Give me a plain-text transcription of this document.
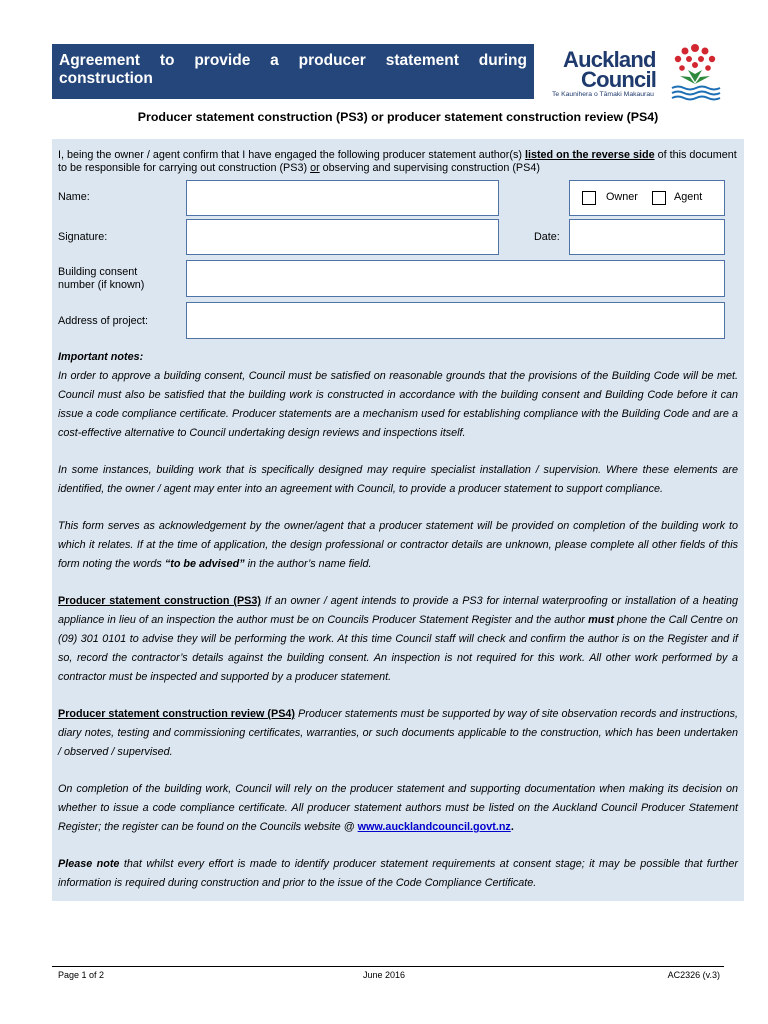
Agreement to provide a producer statement during
construction
Auckland
Council
Te Kaunihera o Tāmaki Makaurau
Producer statement construction (PS3) or producer statement construction review (PS4)
I, being the owner / agent confirm that I have engaged the following producer statement author(s) listed on the reverse side of this document to be responsible for carrying out construction (PS3) or observing and supervising construction (PS4)
Name:	Owner	Agent
Signature:	Date:
Building consent
number (if known)
Address of project:
Important notes:

In order to approve a building consent, Council must be satisfied on reasonable grounds that the provisions of the Building Code will be met. Council must also be satisfied that the building work is constructed in accordance with the building consent and Building Code before it can issue a code compliance certificate. Producer statements are a mechanism used for establishing compliance with the Building Code and are a cost-effective alternative to Council undertaking design reviews and inspections itself.

In some instances, building work that is specifically designed may require specialist installation / supervision. Where these elements are identified, the owner / agent may enter into an agreement with Council, to provide a producer statement to support compliance.

This form serves as acknowledgement by the owner/agent that a producer statement will be provided on completion of the building work to which it relates. If at the time of application, the design professional or contractor details are unknown, please complete all other fields of this form noting the words “to be advised” in the author’s name field.

Producer statement construction (PS3) If an owner / agent intends to provide a PS3 for internal waterproofing or installation of a heating appliance in lieu of an inspection the author must be on Councils Producer Statement Register and the author must phone the Call Centre on (09) 301 0101 to advise they will be performing the work. At this time Council staff will check and confirm the author is on the Register and if so, record the contractor’s details against the building consent. An inspection is not required for this work. All other work performed by a contractor must be inspected and supported by a producer statement.

Producer statement construction review (PS4) Producer statements must be supported by way of site observation records and instructions, diary notes, testing and commissioning certificates, warranties, or such documents applicable to the construction, which has been undertaken / observed / supervised.

On completion of the building work, Council will rely on the producer statement and supporting documentation when making its decision on whether to issue a code compliance certificate. All producer statement authors must be listed on the Auckland Council Producer Statement Register; the register can be found on the Councils website @ www.aucklandcouncil.govt.nz.

Please note that whilst every effort is made to identify producer statement requirements at consent stage; it may be possible that further information is required during construction and prior to the issue of the Code Compliance Certificate.

Page 1 of 2	June 2016	AC2326 (v.3)
